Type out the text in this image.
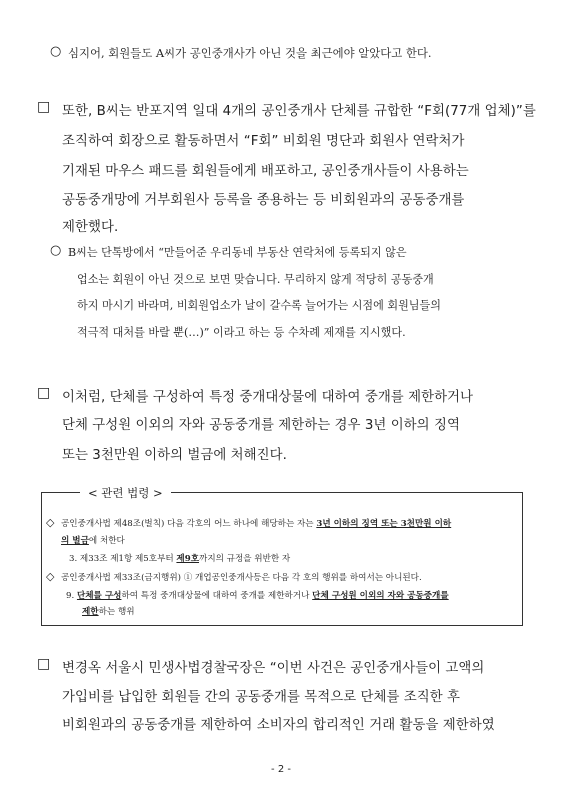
○ 심지어, 회원들도 A씨가 공인중개사가 아닌 것을 최근에야 알았다고 한다.
□ 또한, B씨는 반포지역 일대 4개의 공인중개사 단체를 규합한 “F회(77개 업체)”를
조직하여 회장으로 활동하면서 “F회” 비회원 명단과 회원사 연락처가
기재된 마우스 패드를 회원들에게 배포하고, 공인중개사들이 사용하는
공동중개망에 거부회원사 등록을 종용하는 등 비회원과의 공동중개를
제한했다.
○ B씨는 단톡방에서 “만들어준 우리동네 부동산 연락처에 등록되지 않은
업소는 회원이 아닌 것으로 보면 맞습니다. 무리하지 않게 적당히 공동중개
하지 마시기 바라며, 비회원업소가 날이 갈수록 늘어가는 시점에 회원님들의
적극적 대처를 바랄 뿐(…)” 이라고 하는 등 수차례 제재를 지시했다.
□ 이처럼, 단체를 구성하여 특정 중개대상물에 대하여 중개를 제한하거나
단체 구성원 이외의 자와 공동중개를 제한하는 경우 3년 이하의 징역
또는 3천만원 이하의 벌금에 처해진다.
< 관련 법령 >
◇ 공인중개사법 제48조(벌칙) 다음 각호의 어느 하나에 해당하는 자는 3년 이하의 징역 또는 3천만원 이하
의 벌금에 처한다
3. 제33조 제1항 제5호부터 제9호까지의 규정을 위반한 자
◇ 공인중개사법 제33조(금지행위) ① 개업공인중개사등은 다음 각 호의 행위를 하여서는 아니된다.
9. 단체를 구성하여 특정 중개대상물에 대하여 중개를 제한하거나 단체 구성원 이외의 자와 공동중개를
제한하는 행위
□ 변경옥 서울시 민생사법경찰국장은 “이번 사건은 공인중개사들이 고액의
가입비를 납입한 회원들 간의 공동중개를 목적으로 단체를 조직한 후
비회원과의 공동중개를 제한하여 소비자의 합리적인 거래 활동을 제한하였
- 2 -
